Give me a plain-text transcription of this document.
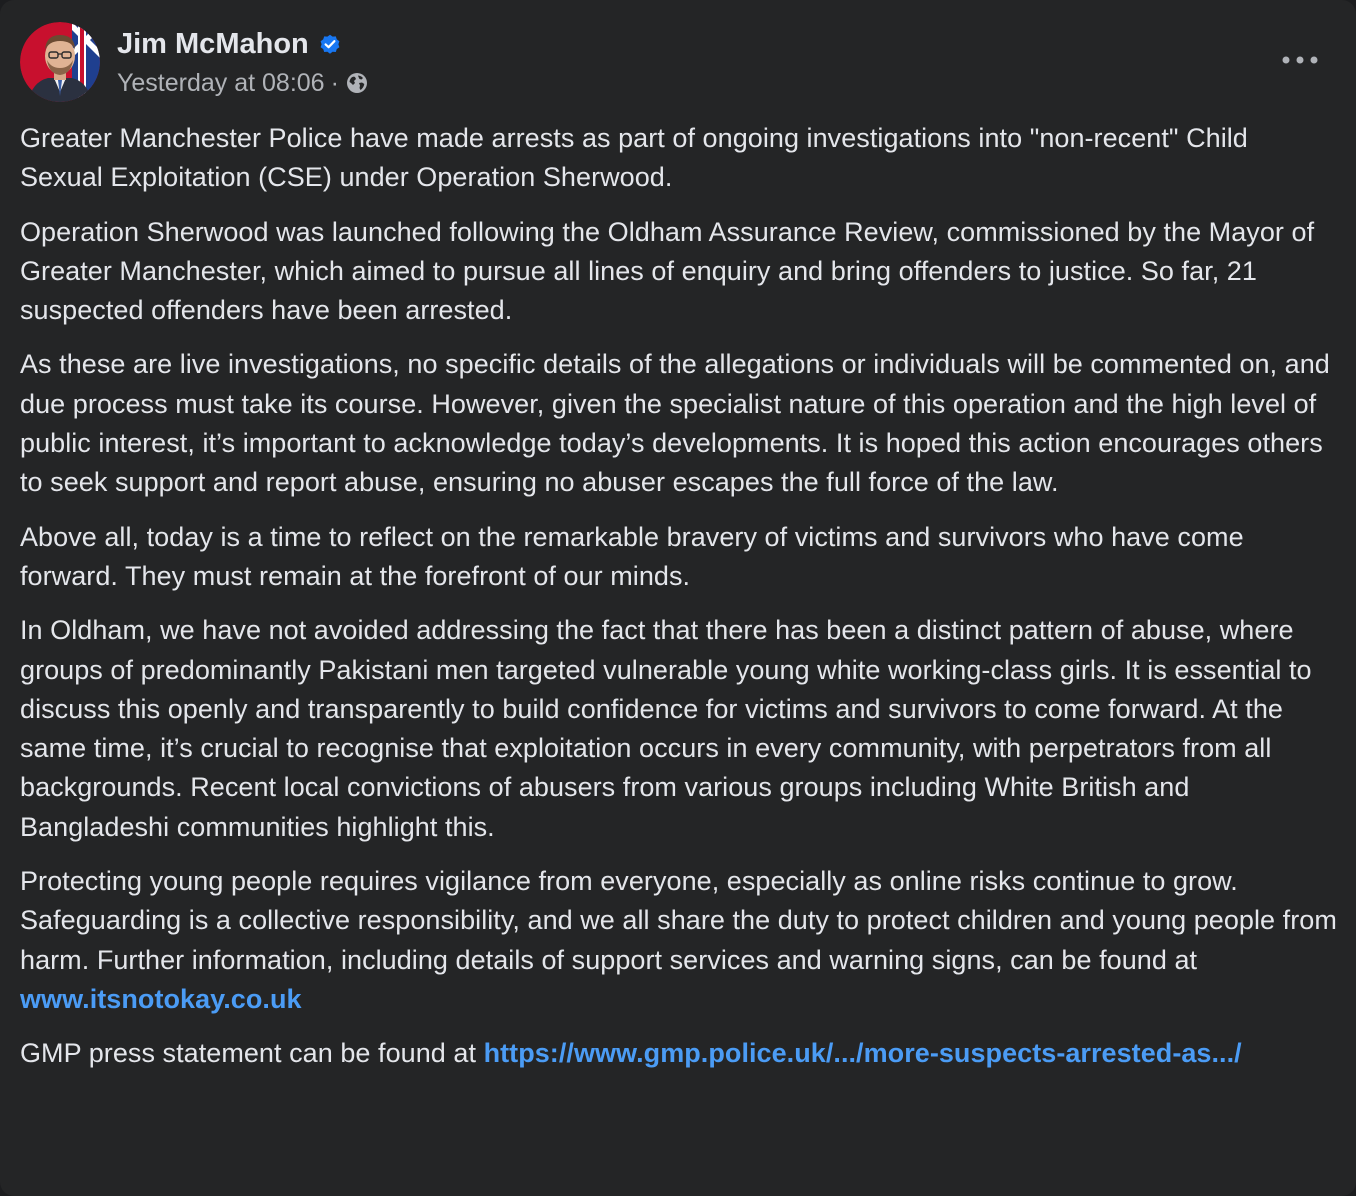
Jim McMahon
Yesterday at 08:06 ·

Greater Manchester Police have made arrests as part of ongoing investigations into "non-recent" Child Sexual Exploitation (CSE) under Operation Sherwood.

Operation Sherwood was launched following the Oldham Assurance Review, commissioned by the Mayor of Greater Manchester, which aimed to pursue all lines of enquiry and bring offenders to justice. So far, 21 suspected offenders have been arrested.

As these are live investigations, no specific details of the allegations or individuals will be commented on, and due process must take its course. However, given the specialist nature of this operation and the high level of public interest, it’s important to acknowledge today’s developments. It is hoped this action encourages others to seek support and report abuse, ensuring no abuser escapes the full force of the law.

Above all, today is a time to reflect on the remarkable bravery of victims and survivors who have come forward. They must remain at the forefront of our minds.

In Oldham, we have not avoided addressing the fact that there has been a distinct pattern of abuse, where groups of predominantly Pakistani men targeted vulnerable young white working-class girls. It is essential to discuss this openly and transparently to build confidence for victims and survivors to come forward. At the same time, it’s crucial to recognise that exploitation occurs in every community, with perpetrators from all backgrounds. Recent local convictions of abusers from various groups including White British and Bangladeshi communities highlight this.

Protecting young people requires vigilance from everyone, especially as online risks continue to grow. Safeguarding is a collective responsibility, and we all share the duty to protect children and young people from harm. Further information, including details of support services and warning signs, can be found at www.itsnotokay.co.uk

GMP press statement can be found at https://www.gmp.police.uk/.../more-suspects-arrested-as.../
